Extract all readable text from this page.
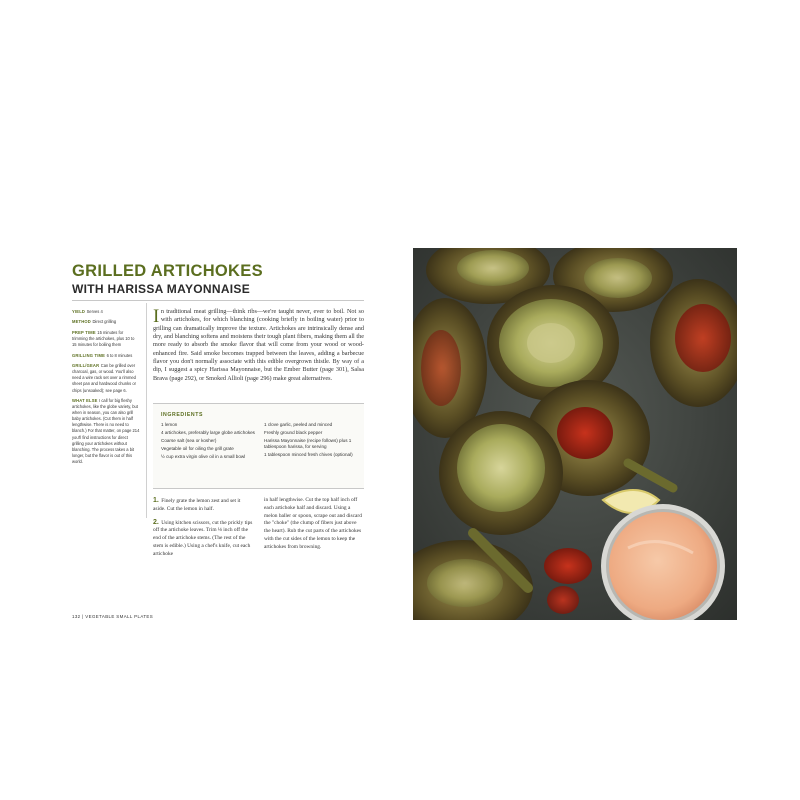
GRILLED ARTICHOKES
WITH HARISSA MAYONNAISE
YIELD Serves 4
METHOD Direct grilling
PREP TIME 15 minutes for trimming the artichokes, plus 10 to 15 minutes for boiling them
GRILLING TIME 6 to 8 minutes
GRILL/GEAR Can be grilled over charcoal, gas, or wood. You'll also need a wire rack set over a rimmed sheet pan and hardwood chunks or chips (unsoaked); see page 6.
WHAT ELSE I call for big fleshy artichokes, like the globe variety, but when in season, you can also grill baby artichokes. (Cut them in half lengthwise. There is no need to blanch.) For that matter, on page 214 you'll find instructions for direct grilling your artichokes without blanching. The process takes a bit longer, but the flavor is out of this world.
In traditional meat grilling—think ribs—we're taught never, ever to boil. Not so with artichokes, for which blanching (cooking briefly in boiling water) prior to grilling can dramatically improve the texture. Artichokes are intrinsically dense and dry, and blanching softens and moistens their tough plant fibers, making them all the more ready to absorb the smoke flavor that will come from your wood or wood-enhanced fire. Said smoke becomes trapped between the leaves, adding a barbecue flavor you don't normally associate with this edible overgrown thistle. By way of a dip, I suggest a spicy Harissa Mayonnaise, but the Ember Butter (page 301), Salsa Brava (page 292), or Smoked Allioli (page 296) make great alternatives.
INGREDIENTS
1 lemon
4 artichokes, preferably large globe artichokes
Coarse salt (sea or kosher)
Vegetable oil for oiling the grill grate
½ cup extra virgin olive oil in a small bowl
1 clove garlic, peeled and minced
Freshly ground black pepper
Harissa Mayonnaise (recipe follows) plus 1 tablespoon harissa, for serving
1 tablespoon minced fresh chives (optional)
1. Finely grate the lemon zest and set it aside. Cut the lemon in half.
2. Using kitchen scissors, cut the prickly tips off the artichoke leaves. Trim ⅛ inch off the end of the artichoke stems. (The rest of the stem is edible.) Using a chef's knife, cut each artichoke
in half lengthwise. Cut the top half inch off each artichoke half and discard. Using a melon baller or spoon, scrape out and discard the "choke" (the clump of fibers just above the heart). Rub the cut parts of the artichokes with the cut sides of the lemon to keep the artichokes from browning.
132 | VEGETABLE SMALL PLATES
